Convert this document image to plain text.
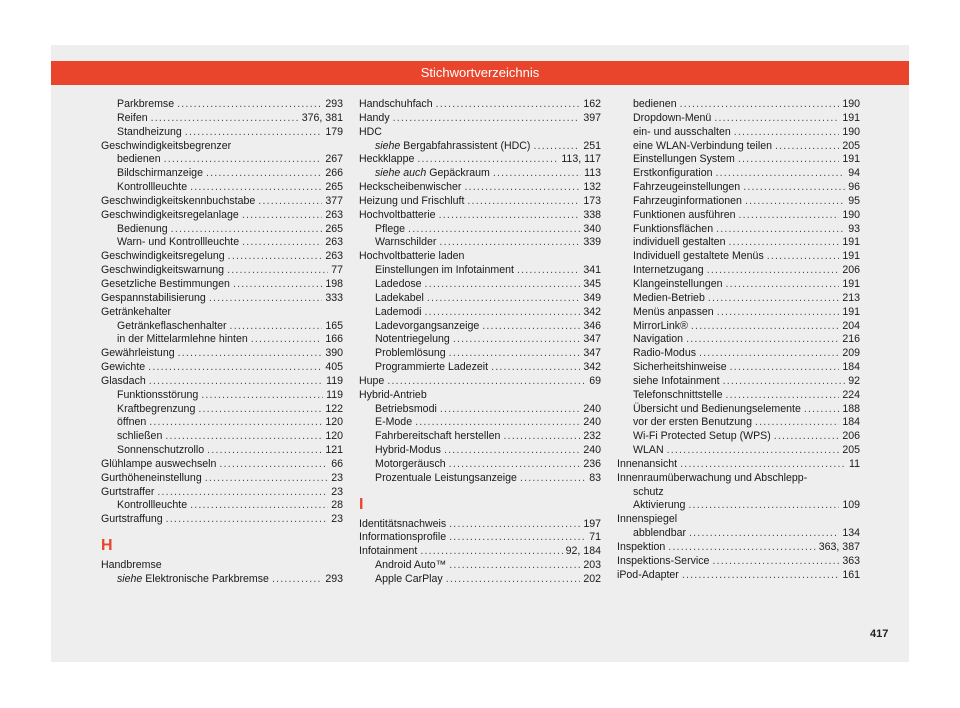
Stichwortverzeichnis
Parkbremse .....	293
Reifen .....	376, 381
Standheizung .....	179
Geschwindigkeitsbegrenzer
bedienen .....	267
Bildschirmanzeige .....	266
Kontrollleuchte .....	265
Geschwindigkeitskennbuchstabe .....	377
Geschwindigkeitsregelanlage .....	263
Bedienung .....	265
Warn- und Kontrollleuchte .....	263
Geschwindigkeitsregelung .....	263
Geschwindigkeitswarnung .....	77
Gesetzliche Bestimmungen .....	198
Gespannstabilisierung .....	333
Getränkehalter
Getränkeflaschenhalter .....	165
in der Mittelarmlehne hinten .....	166
Gewährleistung .....	390
Gewichte .....	405
Glasdach .....	119
Funktionsstörung .....	119
Kraftbegrenzung .....	122
öffnen .....	120
schließen .....	120
Sonnenschutzrollo .....	121
Glühlampe auswechseln .....	66
Gurthöheneinstellung .....	23
Gurtstraffer .....	23
Kontrollleuchte .....	28
Gurtstraffung .....	23
H
Handbremse
siehe Elektronische Parkbremse .....	293
Handschuhfach .....	162
Handy .....	397
HDC
siehe Bergabfahrassistent (HDC) .....	251
Heckklappe .....	113, 117
siehe auch Gepäckraum .....	113
Heckscheibenwischer .....	132
Heizung und Frischluft .....	173
Hochvoltbatterie .....	338
Pflege .....	340
Warnschilder .....	339
Hochvoltbatterie laden
Einstellungen im Infotainment .....	341
Ladedose .....	345
Ladekabel .....	349
Lademodi .....	342
Ladevorgangsanzeige .....	346
Notentriegelung .....	347
Problemlösung .....	347
Programmierte Ladezeit .....	342
Hupe .....	69
Hybrid-Antrieb
Betriebsmodi .....	240
E-Mode .....	240
Fahrbereitschaft herstellen .....	232
Hybrid-Modus .....	240
Motorgeräusch .....	236
Prozentuale Leistungsanzeige .....	83
I
Identitätsnachweis .....	197
Informationsprofile .....	71
Infotainment .....	92, 184
Android Auto™ .....	203
Apple CarPlay .....	202
bedienen .....	190
Dropdown-Menü .....	191
ein- und ausschalten .....	190
eine WLAN-Verbindung teilen .....	205
Einstellungen System .....	191
Erstkonfiguration .....	94
Fahrzeugeinstellungen .....	96
Fahrzeuginformationen .....	95
Funktionen ausführen .....	190
Funktionsflächen .....	93
individuell gestalten .....	191
Individuell gestaltete Menüs .....	191
Internetzugang .....	206
Klangeinstellungen .....	191
Medien-Betrieb .....	213
Menüs anpassen .....	191
MirrorLink® .....	204
Navigation .....	216
Radio-Modus .....	209
Sicherheitshinweise .....	184
siehe Infotainment .....	92
Telefonschnittstelle .....	224
Übersicht und Bedienungselemente .....	188
vor der ersten Benutzung .....	184
Wi-Fi Protected Setup (WPS) .....	206
WLAN .....	205
Innenansicht .....	11
Innenraumüberwachung und Abschlepp-
schutz
Aktivierung .....	109
Innenspiegel
abblendbar .....	134
Inspektion .....	363, 387
Inspektions-Service .....	363
iPod-Adapter .....	161
417
